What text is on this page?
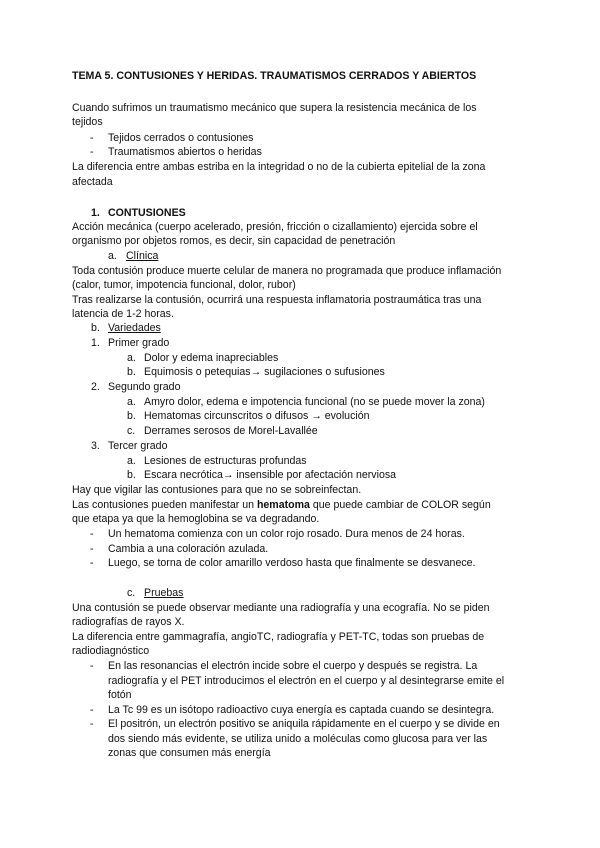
TEMA 5. CONTUSIONES Y HERIDAS. TRAUMATISMOS CERRADOS Y ABIERTOS
Cuando sufrimos un traumatismo mecánico que supera la resistencia mecánica de los
tejidos
- Tejidos cerrados o contusiones
- Traumatismos abiertos o heridas
La diferencia entre ambas estriba en la integridad o no de la cubierta epitelial de la zona
afectada
1. CONTUSIONES
Acción mecánica (cuerpo acelerado, presión, fricción o cizallamiento) ejercida sobre el
organismo por objetos romos, es decir, sin capacidad de penetración
a. Clínica
Toda contusión produce muerte celular de manera no programada que produce inflamación
(calor, tumor, impotencia funcional, dolor, rubor)
Tras realizarse la contusión, ocurrirá una respuesta inflamatoria postraumática tras una
latencia de 1-2 horas.
b. Variedades
1. Primer grado
a. Dolor y edema inapreciables
b. Equimosis o petequias→ sugilaciones o sufusiones
2. Segundo grado
a. Amyro dolor, edema e impotencia funcional (no se puede mover la zona)
b. Hematomas circunscritos o difusos → evolución
c. Derrames serosos de Morel-Lavallée
3. Tercer grado
a. Lesiones de estructuras profundas
b. Escara necrótica→ insensible por afectación nerviosa
Hay que vigilar las contusiones para que no se sobreinfectan.
Las contusiones pueden manifestar un hematoma que puede cambiar de COLOR según
que etapa ya que la hemoglobina se va degradando.
- Un hematoma comienza con un color rojo rosado. Dura menos de 24 horas.
- Cambia a una coloración azulada.
- Luego, se torna de color amarillo verdoso hasta que finalmente se desvanece.
c. Pruebas
Una contusión se puede observar mediante una radiografía y una ecografía. No se piden
radiografías de rayos X.
La diferencia entre gammagrafía, angioTC, radiografía y PET-TC, todas son pruebas de
radiodiagnóstico
- En las resonancias el electrón incide sobre el cuerpo y después se registra. La
radiografía y el PET introducimos el electrón en el cuerpo y al desintegrarse emite el
fotón
- La Tc 99 es un isótopo radioactivo cuya energía es captada cuando se desintegra.
- El positrón, un electrón positivo se aniquila rápidamente en el cuerpo y se divide en
dos siendo más evidente, se utiliza unido a moléculas como glucosa para ver las
zonas que consumen más energía
